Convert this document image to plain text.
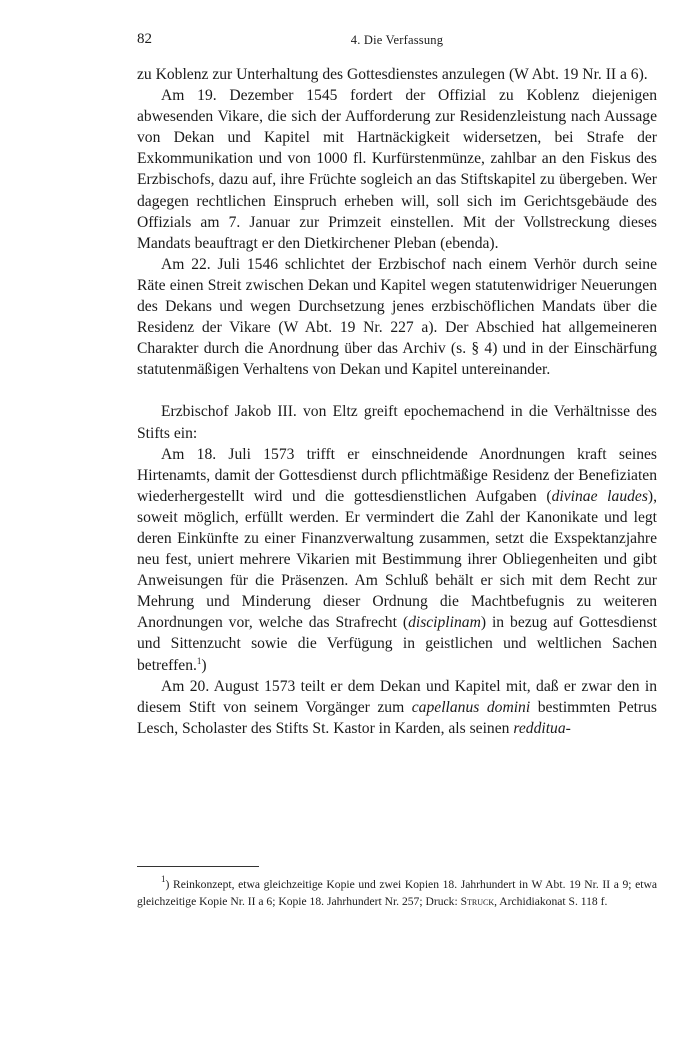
82	4. Die Verfassung

zu Koblenz zur Unterhaltung des Gottesdienstes anzulegen (W Abt. 19 Nr. II a 6).

Am 19. Dezember 1545 fordert der Offizial zu Koblenz diejenigen abwesenden Vikare, die sich der Aufforderung zur Residenzleistung nach Aussage von Dekan und Kapitel mit Hartnäckigkeit widersetzen, bei Strafe der Exkommunikation und von 1000 fl. Kurfürstenmünze, zahlbar an den Fiskus des Erzbischofs, dazu auf, ihre Früchte sogleich an das Stiftskapitel zu übergeben. Wer dagegen rechtlichen Einspruch erheben will, soll sich im Gerichtsgebäude des Offizials am 7. Januar zur Primzeit einstellen. Mit der Vollstreckung dieses Mandats beauftragt er den Dietkirchener Pleban (ebenda).

Am 22. Juli 1546 schlichtet der Erzbischof nach einem Verhör durch seine Räte einen Streit zwischen Dekan und Kapitel wegen statutenwidriger Neuerungen des Dekans und wegen Durchsetzung jenes erzbischöflichen Mandats über die Residenz der Vikare (W Abt. 19 Nr. 227 a). Der Abschied hat allgemeineren Charakter durch die Anordnung über das Archiv (s. § 4) und in der Einschärfung statutenmäßigen Verhaltens von Dekan und Kapitel untereinander.

Erzbischof Jakob III. von Eltz greift epochemachend in die Verhältnisse des Stifts ein:

Am 18. Juli 1573 trifft er einschneidende Anordnungen kraft seines Hirtenamts, damit der Gottesdienst durch pflichtmäßige Residenz der Benefiziaten wiederhergestellt wird und die gottesdienstlichen Aufgaben (divinae laudes), soweit möglich, erfüllt werden. Er vermindert die Zahl der Kanonikate und legt deren Einkünfte zu einer Finanzverwaltung zusammen, setzt die Exspektanzjahre neu fest, uniert mehrere Vikarien mit Bestimmung ihrer Obliegenheiten und gibt Anweisungen für die Präsenzen. Am Schluß behält er sich mit dem Recht zur Mehrung und Minderung dieser Ordnung die Machtbefugnis zu weiteren Anordnungen vor, welche das Strafrecht (disciplinam) in bezug auf Gottesdienst und Sittenzucht sowie die Verfügung in geistlichen und weltlichen Sachen betreffen.$^1$)

Am 20. August 1573 teilt er dem Dekan und Kapitel mit, daß er zwar den in diesem Stift von seinem Vorgänger zum capellanus domini bestimmten Petrus Lesch, Scholaster des Stifts St. Kastor in Karden, als seinen redditua-

$^1$) Reinkonzept, etwa gleichzeitige Kopie und zwei Kopien 18. Jahrhundert in W Abt. 19 Nr. II a 9; etwa gleichzeitige Kopie Nr. II a 6; Kopie 18. Jahrhundert Nr. 257; Druck: Struck, Archidiakonat S. 118 f.
